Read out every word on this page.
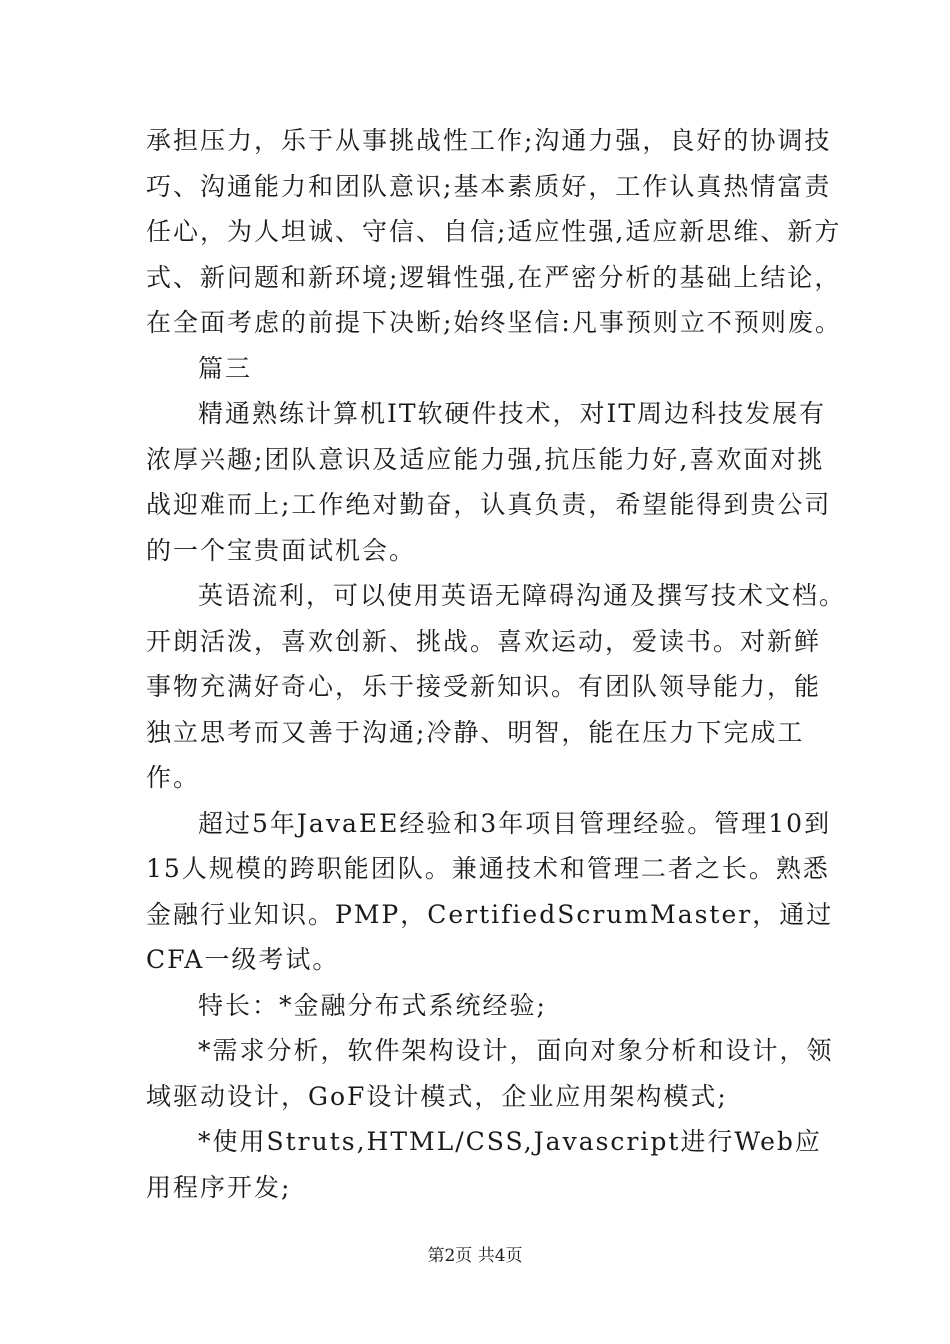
承担压力，乐于从事挑战性工作;沟通力强，良好的协调技巧、沟通能力和团队意识;基本素质好，工作认真热情富责任心，为人坦诚、守信、自信;适应性强,适应新思维、新方式、新问题和新环境;逻辑性强,在严密分析的基础上结论，在全面考虑的前提下决断;始终坚信:凡事预则立不预则废。

篇三

精通熟练计算机IT软硬件技术，对IT周边科技发展有浓厚兴趣;团队意识及适应能力强,抗压能力好,喜欢面对挑战迎难而上;工作绝对勤奋，认真负责，希望能得到贵公司的一个宝贵面试机会。

英语流利，可以使用英语无障碍沟通及撰写技术文档。开朗活泼，喜欢创新、挑战。喜欢运动，爱读书。对新鲜事物充满好奇心，乐于接受新知识。有团队领导能力，能独立思考而又善于沟通;冷静、明智，能在压力下完成工作。

超过5年JavaEE经验和3年项目管理经验。管理10到15人规模的跨职能团队。兼通技术和管理二者之长。熟悉金融行业知识。PMP，CertifiedScrumMaster，通过CFA一级考试。

特长：*金融分布式系统经验;

*需求分析，软件架构设计，面向对象分析和设计，领域驱动设计，GoF设计模式，企业应用架构模式;

*使用Struts,HTML/CSS,Javascript进行Web应用程序开发;

第2页 共4页
